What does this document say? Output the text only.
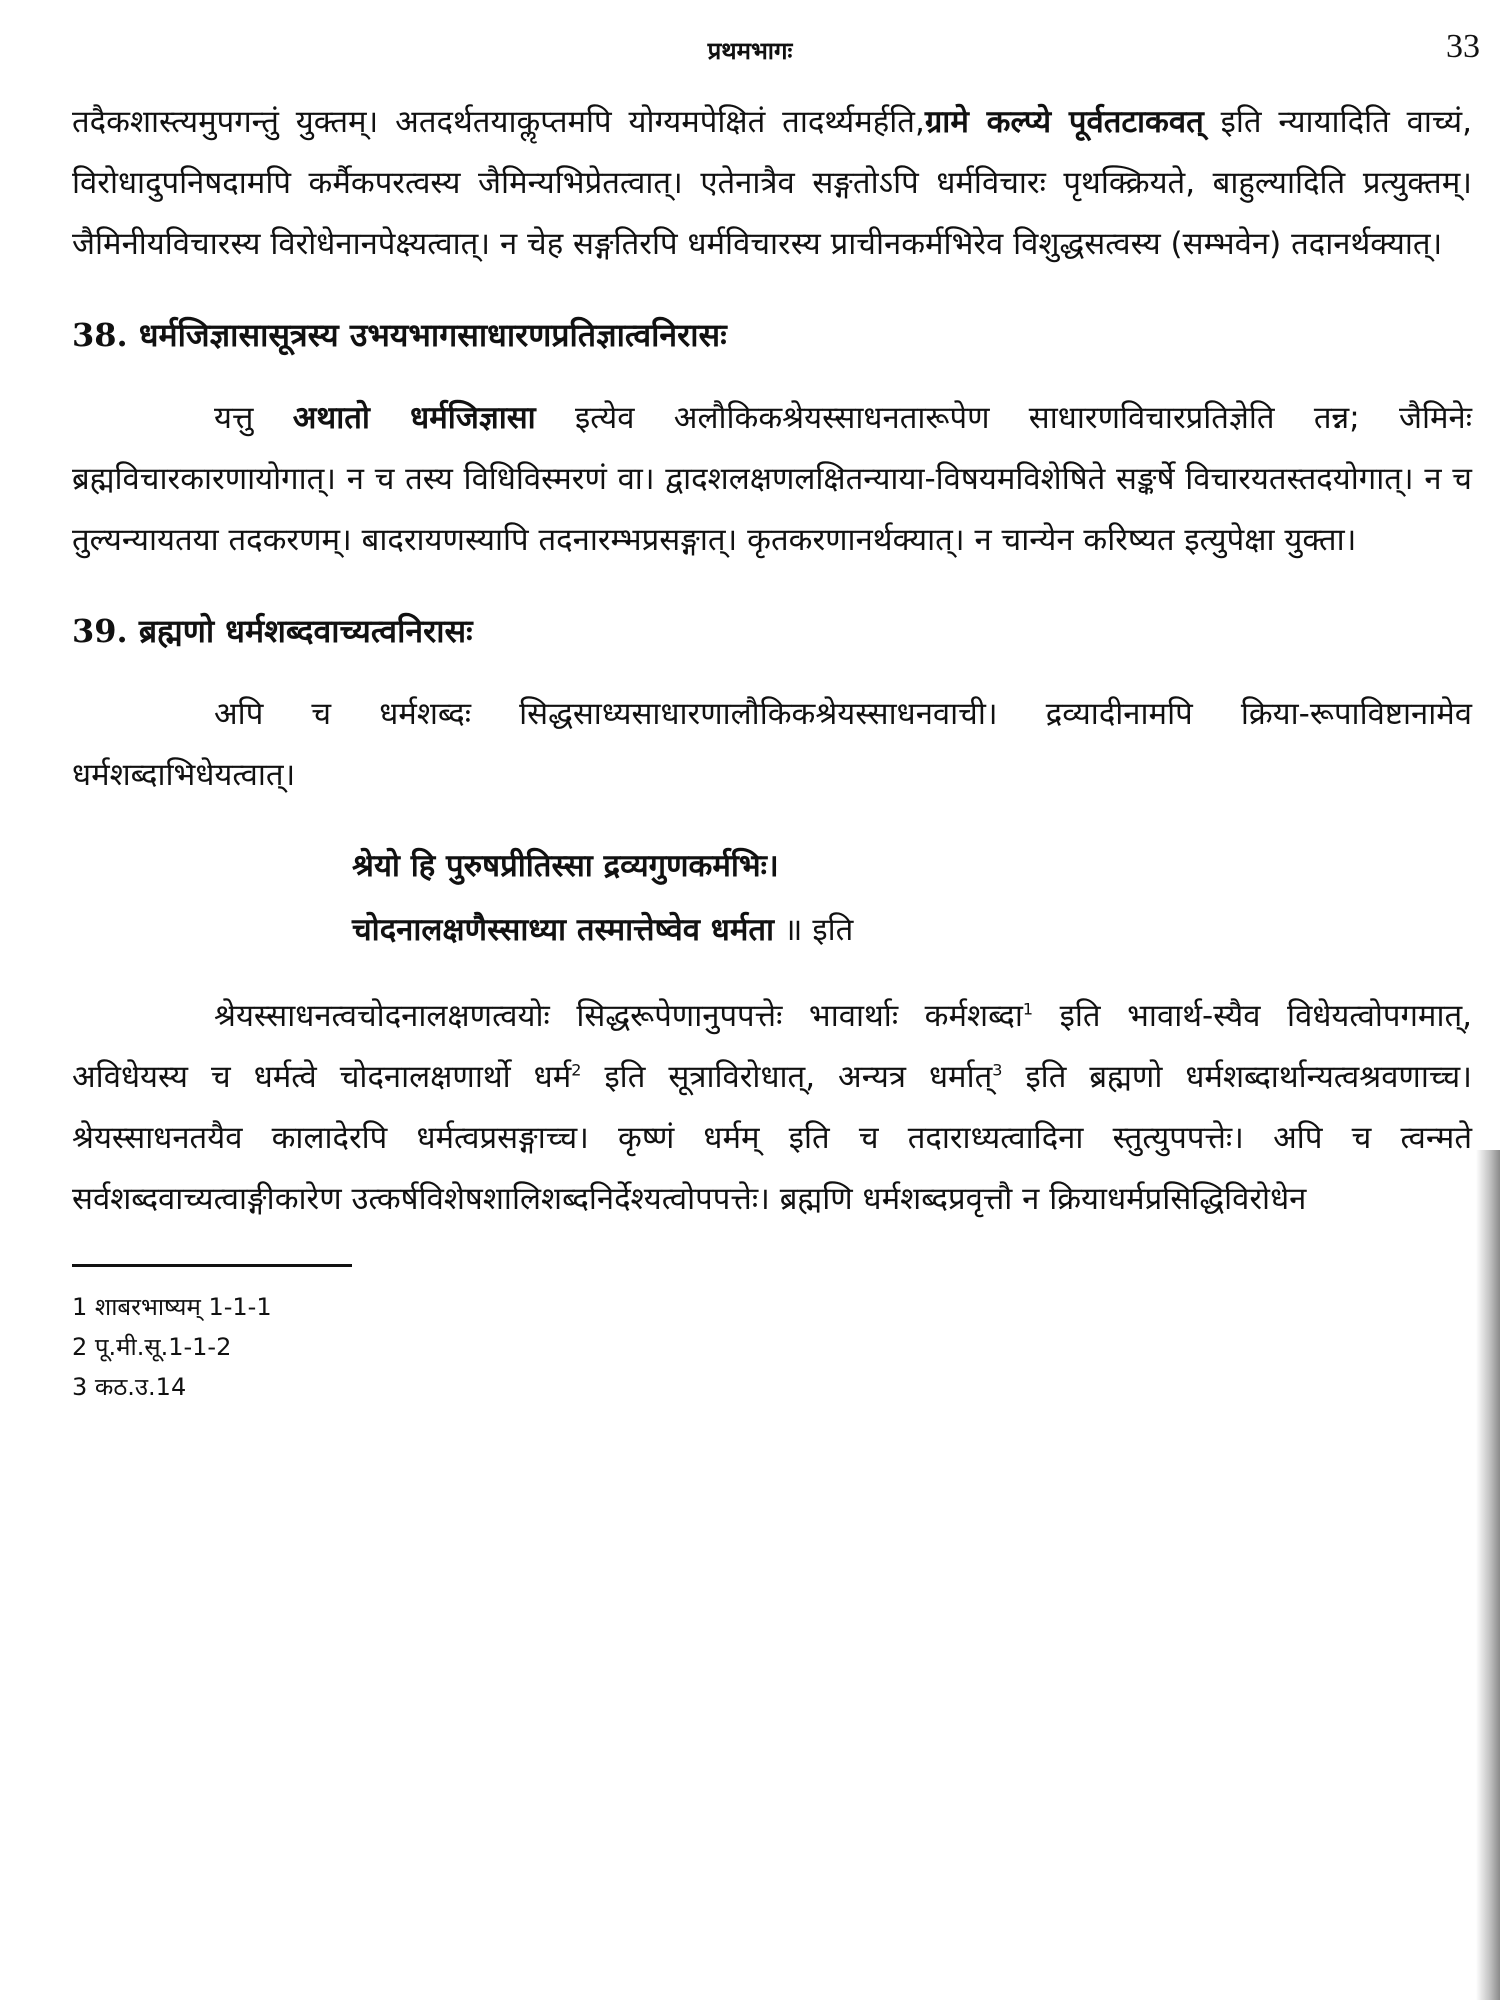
प्रथमभागः	33

तदैकशास्त्यमुपगन्तुं युक्तम्। अतदर्थतयाकॢप्तमपि योग्यमपेक्षितं तादर्थ्यमर्हति,ग्रामे कल्प्ये पूर्वतटाकवत् इति न्यायादिति वाच्यं, विरोधादुपनिषदामपि कर्मैकपरत्वस्य जैमिन्यभिप्रेतत्वात्। एतेनात्रैव सङ्गतोऽपि धर्मविचारः पृथक्क्रियते, बाहुल्यादिति प्रत्युक्तम्। जैमिनीयविचारस्य विरोधेनानपेक्ष्यत्वात्। न चेह सङ्गतिरपि धर्मविचारस्य प्राचीनकर्मभिरेव विशुद्धसत्वस्य (सम्भवेन) तदानर्थक्यात्।

38. धर्मजिज्ञासासूत्रस्य उभयभागसाधारणप्रतिज्ञात्वनिरासः

यत्तु अथातो धर्मजिज्ञासा इत्येव अलौकिकश्रेयस्साधनतारूपेण साधारणविचारप्रतिज्ञेति तन्न; जैमिनेः ब्रह्मविचारकारणायोगात्। न च तस्य विधिविस्मरणं वा। द्वादशलक्षणलक्षितन्याया-विषयमविशेषिते सङ्कर्षे विचारयतस्तदयोगात्। न च तुल्यन्यायतया तदकरणम्। बादरायणस्यापि तदनारम्भप्रसङ्गात्। कृतकरणानर्थक्यात्। न चान्येन करिष्यत इत्युपेक्षा युक्ता।

39. ब्रह्मणो धर्मशब्दवाच्यत्वनिरासः

अपि च धर्मशब्दः सिद्धसाध्यसाधारणालौकिकश्रेयस्साधनवाची। द्रव्यादीनामपि क्रिया-रूपाविष्टानामेव धर्मशब्दाभिधेयत्वात्।

श्रेयो हि पुरुषप्रीतिस्सा द्रव्यगुणकर्मभिः।
चोदनालक्षणैस्साध्या तस्मात्तेष्वेव धर्मता ॥ इति

श्रेयस्साधनत्वचोदनालक्षणत्वयोः सिद्धरूपेणानुपपत्तेः भावार्थाः कर्मशब्दा$^1$ इति भावार्थ-स्यैव विधेयत्वोपगमात्, अविधेयस्य च धर्मत्वे चोदनालक्षणार्थो धर्म$^2$ इति सूत्राविरोधात्, अन्यत्र धर्मात्$^3$ इति ब्रह्मणो धर्मशब्दार्थान्यत्वश्रवणाच्च। श्रेयस्साधनतयैव कालादेरपि धर्मत्वप्रसङ्गाच्च। कृष्णं धर्मम् इति च तदाराध्यत्वादिना स्तुत्युपपत्तेः। अपि च त्वन्मते सर्वशब्दवाच्यत्वाङ्गीकारेण उत्कर्षविशेषशालिशब्दनिर्देश्यत्वोपपत्तेः। ब्रह्मणि धर्मशब्दप्रवृत्तौ न क्रियाधर्मप्रसिद्धिविरोधेन

1 शाबरभाष्यम् 1-1-1
2 पू.मी.सू.1-1-2
3 कठ.उ.14
